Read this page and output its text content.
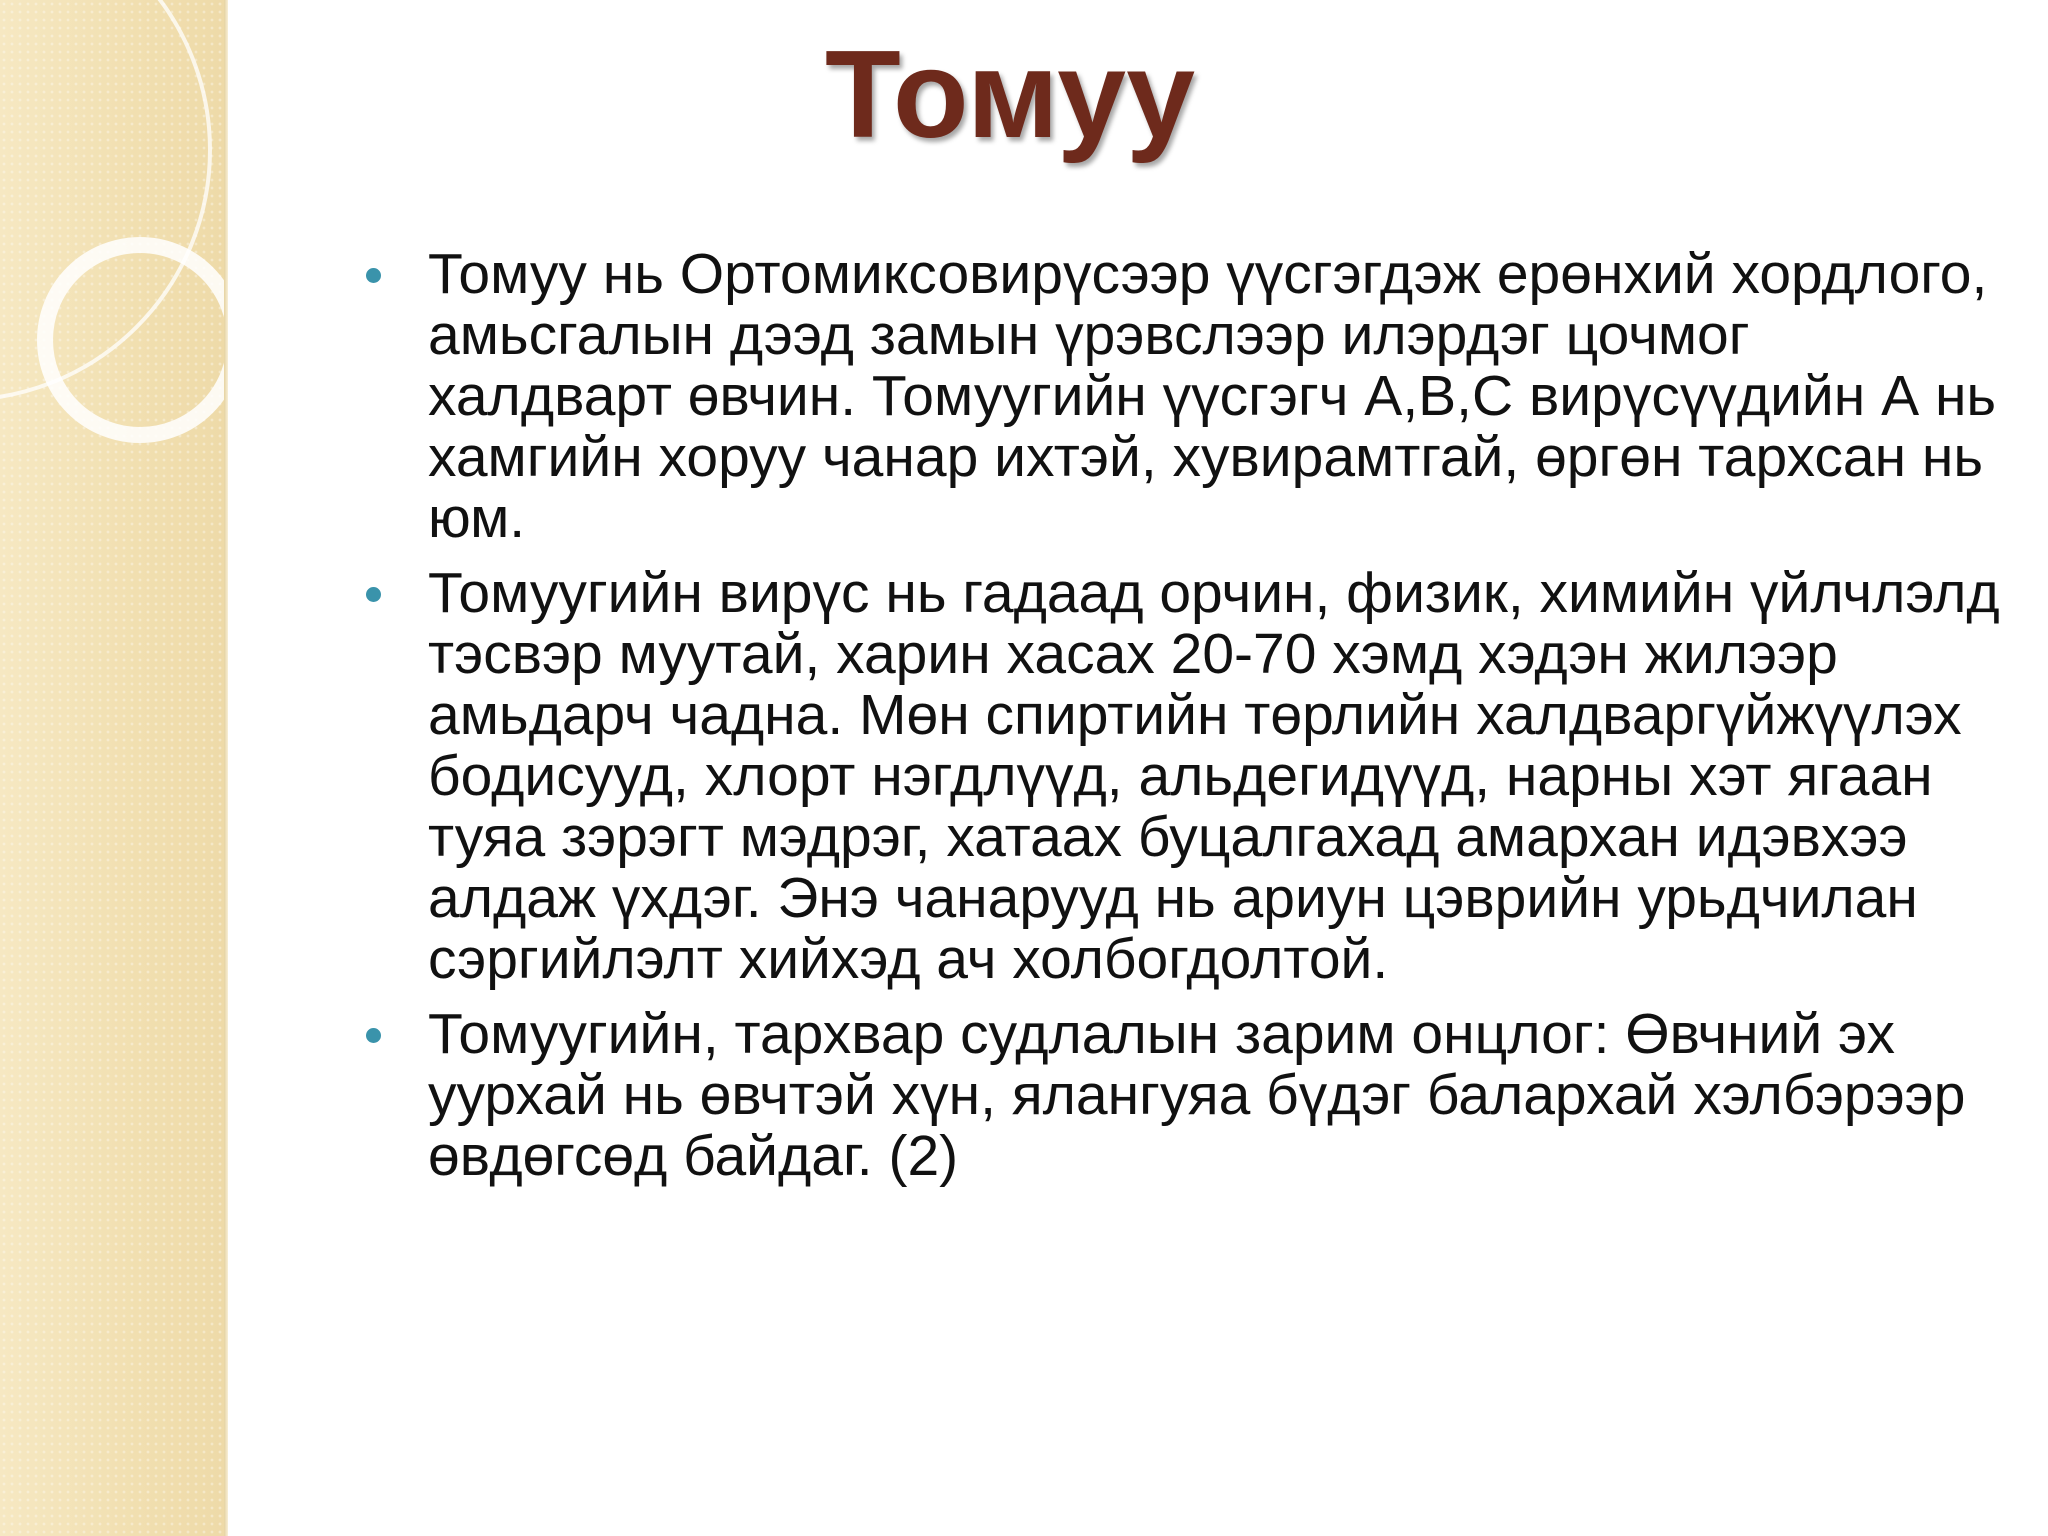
Томуу
Томуу нь Ортомиксовирүсээр үүсгэгдэж ерөнхий хордлого, амьсгалын дээд замын үрэвслээр илэрдэг цочмог халдварт өвчин. Томуугийн үүсгэгч А,В,С вирүсүүдийн А нь хамгийн хоруу чанар ихтэй, хувирамтгай, өргөн тархсан нь юм.
Томуугийн вирүс нь гадаад орчин, физик, химийн үйлчлэлд тэсвэр муутай, харин хасах 20-70 хэмд хэдэн жилээр амьдарч чадна. Мөн спиртийн төрлийн халдваргүйжүүлэх бодисууд, хлорт нэгдлүүд, альдегидүүд, нарны хэт ягаан туяа зэрэгт мэдрэг, хатаах буцалгахад амархан идэвхээ алдаж үхдэг. Энэ чанарууд нь ариун цэврийн урьдчилан сэргийлэлт хийхэд ач холбогдолтой.
Томуугийн, тархвар судлалын зарим онцлог: Өвчний эх уурхай нь өвчтэй хүн, ялангуяа бүдэг балархай хэлбэрээр өвдөгсөд байдаг. (2)
